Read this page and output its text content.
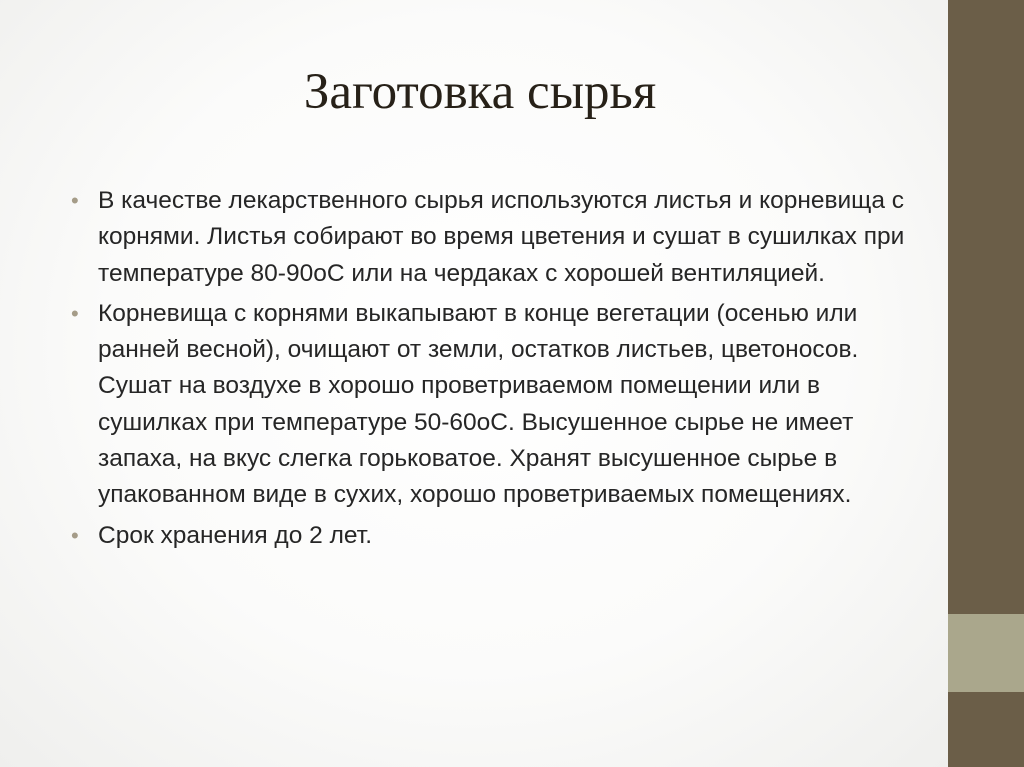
Заготовка сырья
• В качестве лекарственного сырья используются листья и корневища с корнями. Листья собирают во время цветения и сушат в сушилках при температуре 80-90оС или на чердаках с хорошей вентиляцией.
• Корневища с корнями выкапывают в конце вегетации (осенью или ранней весной), очищают от земли, остатков листьев, цветоносов. Сушат на воздухе в хорошо проветриваемом помещении или в сушилках при температуре 50-60оС. Высушенное сырье не имеет запаха, на вкус слегка горьковатое. Хранят высушенное сырье в упакованном виде в сухих, хорошо проветриваемых помещениях.
• Срок хранения до 2 лет.
